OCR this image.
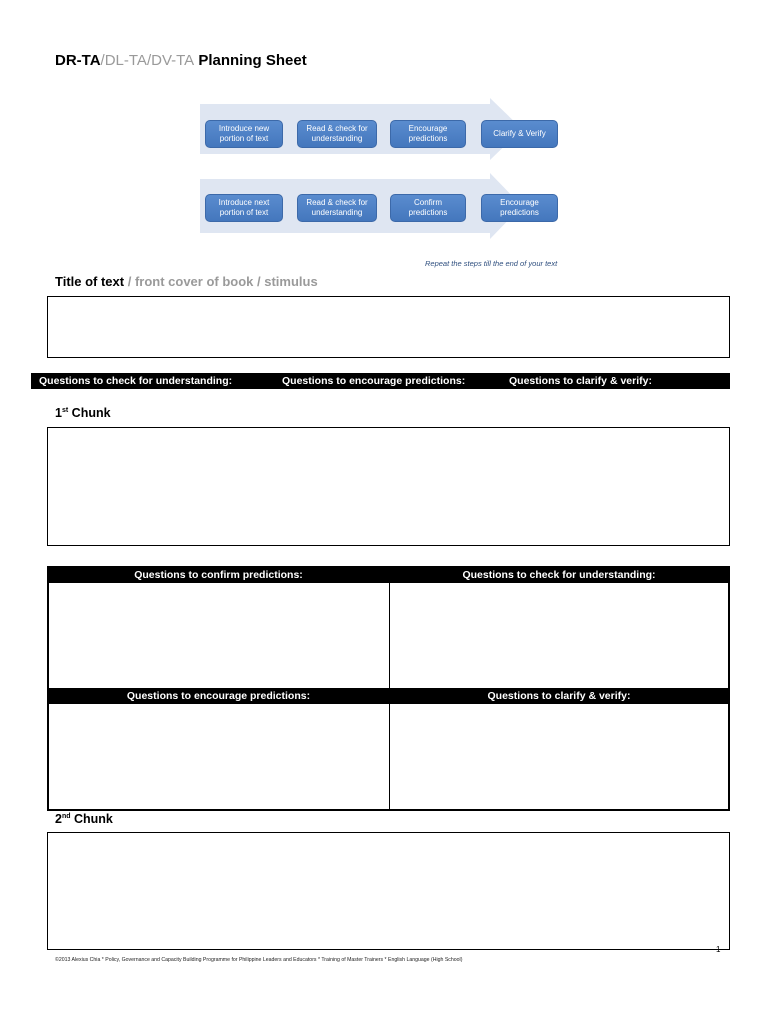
DR-TA/DL-TA/DV-TA Planning Sheet
Introduce new portion of text
Read & check for understanding
Encourage predictions
Clarify & Verify
Introduce next portion of text
Read & check for understanding
Confirm predictions
Encourage predictions
Repeat the steps till the end of your text
Title of text / front cover of book / stimulus
Questions to check for understanding:	Questions to encourage predictions:	Questions to clarify & verify:
1st Chunk
Questions to confirm predictions:	Questions to check for understanding:
Questions to encourage predictions:	Questions to clarify & verify:
2nd Chunk
©2013 Alexius Chia * Policy, Governance and Capacity Building Programme for Philippine Leaders and Educators * Training of Master Trainers * English Language (High School)
1
